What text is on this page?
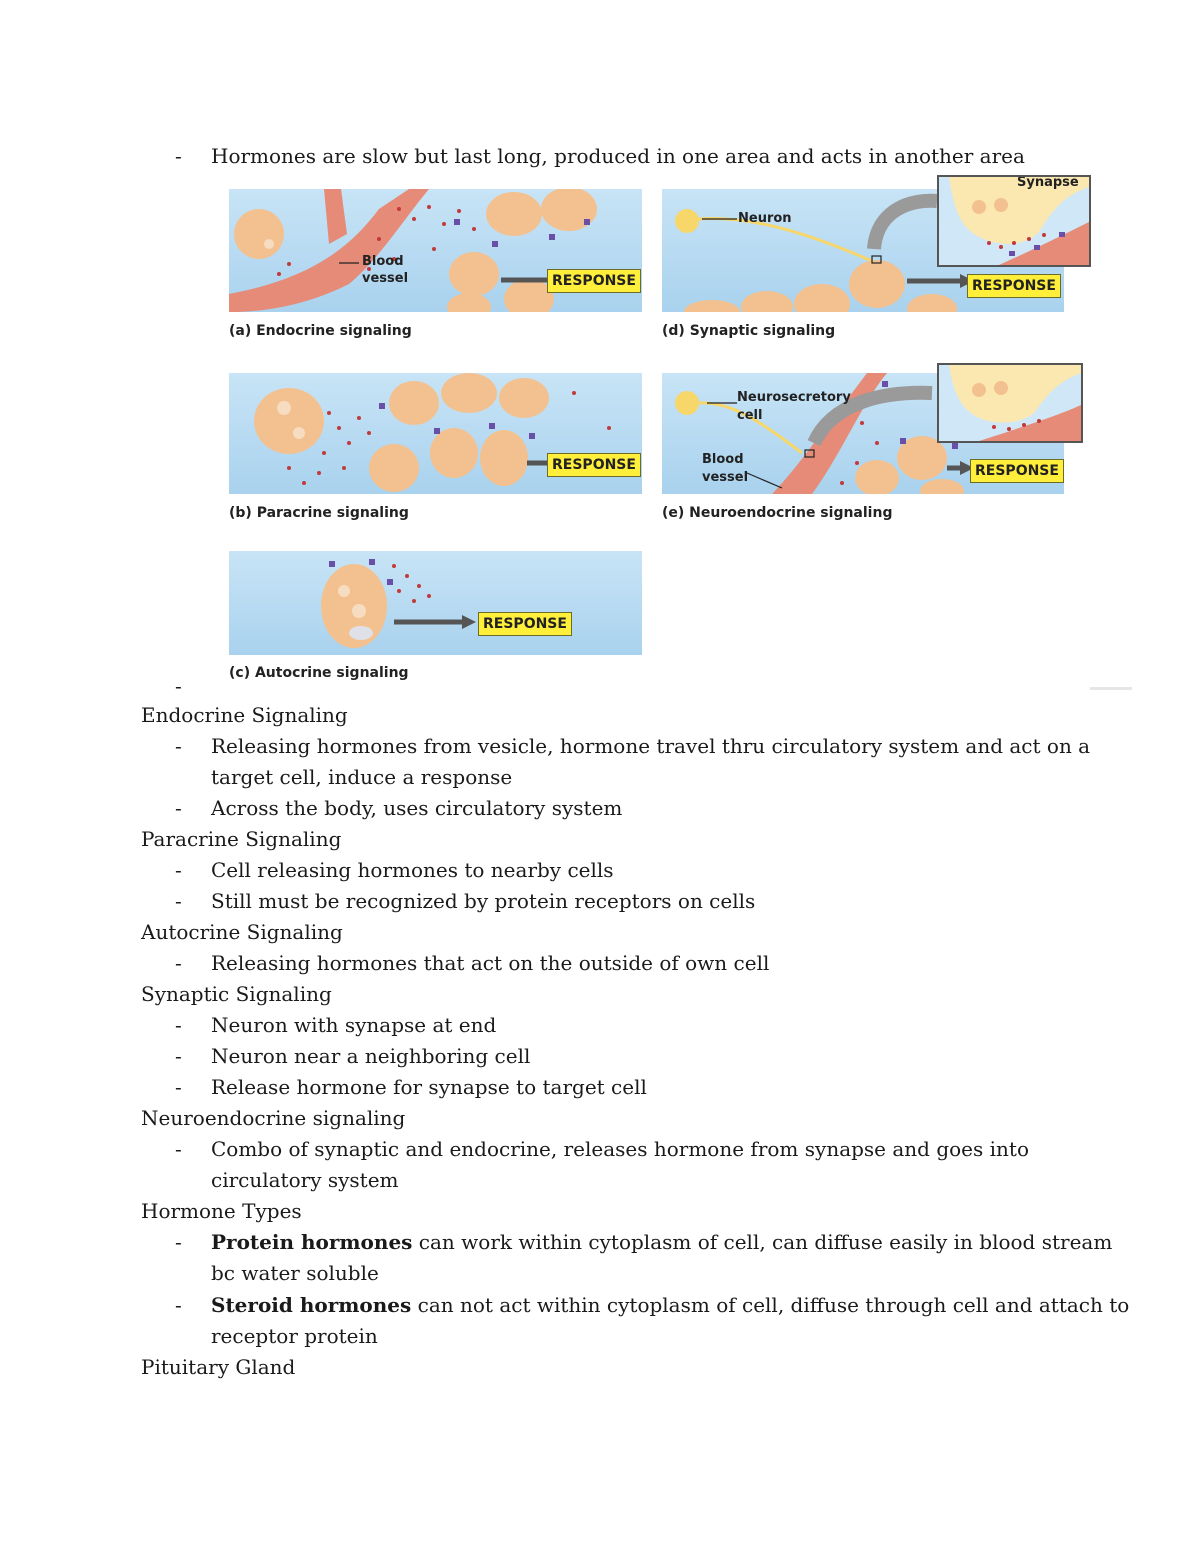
- Hormones are slow but last long, produced in one area and acts in another area
Blood
vessel	RESPONSE
(a) Endocrine signaling
Neuron
RESPONSE
Synapse
(d) Synaptic signaling
RESPONSE
(b) Paracrine signaling
Neurosecretory
cell
Blood
vessel	RESPONSE
(e) Neuroendocrine signaling
RESPONSE
(c) Autocrine signaling
-
Endocrine Signaling
- Releasing hormones from vesicle, hormone travel thru circulatory system and act on a
target cell, induce a response
- Across the body, uses circulatory system
Paracrine Signaling
- Cell releasing hormones to nearby cells
- Still must be recognized by protein receptors on cells
Autocrine Signaling
- Releasing hormones that act on the outside of own cell
Synaptic Signaling
- Neuron with synapse at end
- Neuron near a neighboring cell
- Release hormone for synapse to target cell
Neuroendocrine signaling
- Combo of synaptic and endocrine, releases hormone from synapse and goes into
circulatory system
Hormone Types
- Protein hormones can work within cytoplasm of cell, can diffuse easily in blood stream
bc water soluble
- Steroid hormones can not act within cytoplasm of cell, diffuse through cell and attach to
receptor protein
Pituitary Gland
